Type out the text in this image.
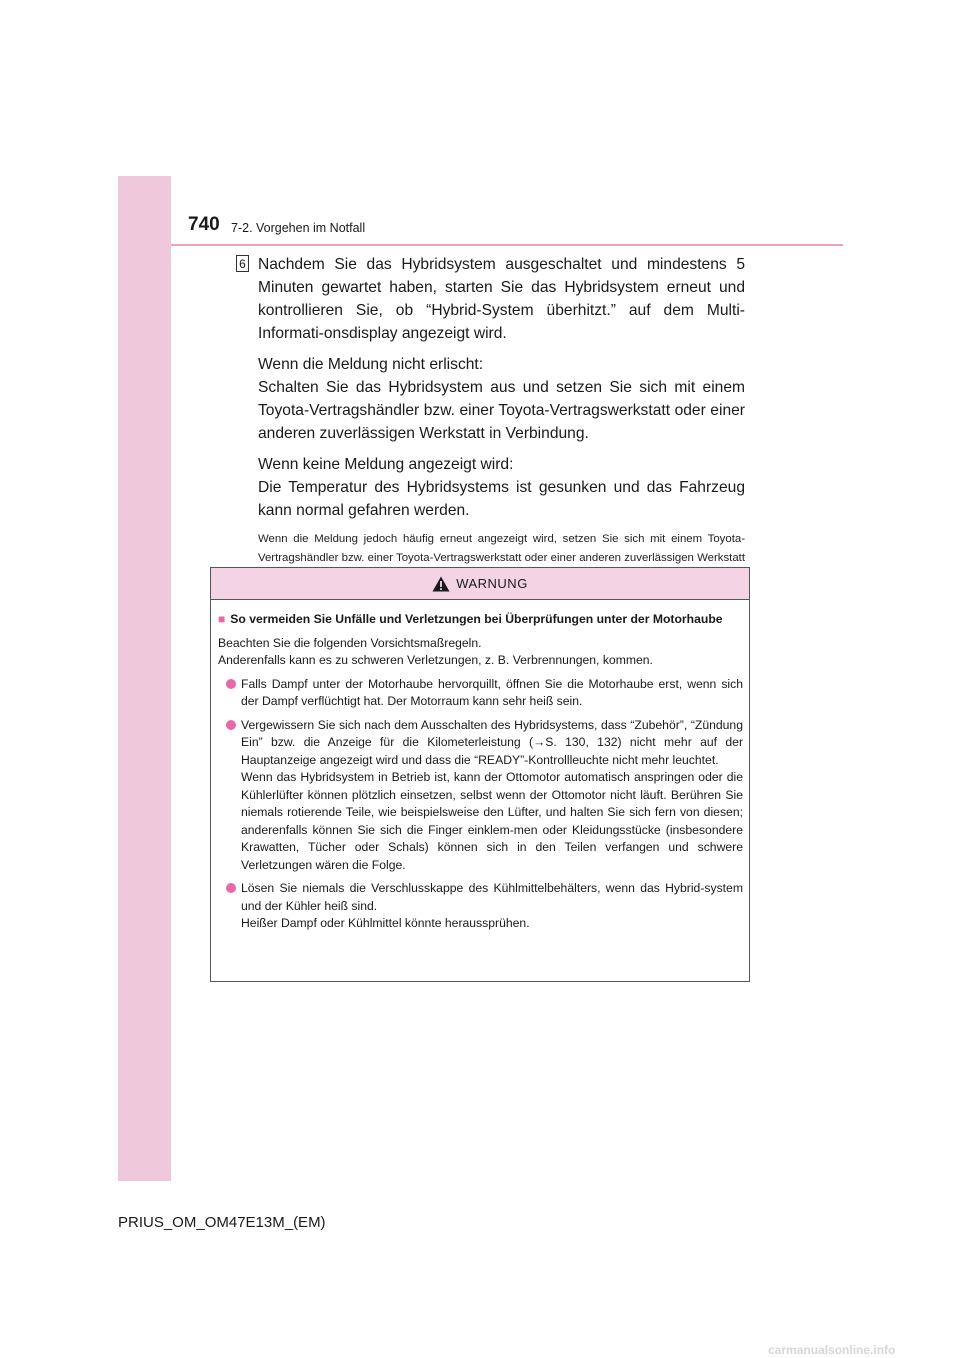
740 7-2. Vorgehen im Notfall
6 Nachdem Sie das Hybridsystem ausgeschaltet und mindestens 5 Minuten gewartet haben, starten Sie das Hybridsystem erneut und kontrollieren Sie, ob “Hybrid-System überhitzt.” auf dem Multi-Informati-onsdisplay angezeigt wird.

Wenn die Meldung nicht erlischt:
Schalten Sie das Hybridsystem aus und setzen Sie sich mit einem Toyota-Vertragshändler bzw. einer Toyota-Vertragswerkstatt oder einer anderen zuverlässigen Werkstatt in Verbindung.

Wenn keine Meldung angezeigt wird:
Die Temperatur des Hybridsystems ist gesunken und das Fahrzeug kann normal gefahren werden.

Wenn die Meldung jedoch häufig erneut angezeigt wird, setzen Sie sich mit einem Toyota-Vertragshändler bzw. einer Toyota-Vertragswerkstatt oder einer anderen zuverlässigen Werkstatt

WARNUNG
■ So vermeiden Sie Unfälle und Verletzungen bei Überprüfungen unter der Motorhaube

Beachten Sie die folgenden Vorsichtsmaßregeln.
Anderenfalls kann es zu schweren Verletzungen, z. B. Verbrennungen, kommen.

Falls Dampf unter der Motorhaube hervorquillt, öffnen Sie die Motorhaube erst, wenn sich der Dampf verflüchtigt hat. Der Motorraum kann sehr heiß sein.
Vergewissern Sie sich nach dem Ausschalten des Hybridsystems, dass “Zubehör”, “Zündung Ein” bzw. die Anzeige für die Kilometerleistung (→S. 130, 132) nicht mehr auf der Hauptanzeige angezeigt wird und dass die “READY”-Kontrollleuchte nicht mehr leuchtet.
Wenn das Hybridsystem in Betrieb ist, kann der Ottomotor automatisch anspringen oder die Kühlerlüfter können plötzlich einsetzen, selbst wenn der Ottomotor nicht läuft. Berühren Sie niemals rotierende Teile, wie beispielsweise den Lüfter, und halten Sie sich fern von diesen; anderenfalls können Sie sich die Finger einklem-men oder Kleidungsstücke (insbesondere Krawatten, Tücher oder Schals) können sich in den Teilen verfangen und schwere Verletzungen wären die Folge.
Lösen Sie niemals die Verschlusskappe des Kühlmittelbehälters, wenn das Hybrid-system und der Kühler heiß sind.
Heißer Dampf oder Kühlmittel könnte heraussprühen.
PRIUS_OM_OM47E13M_(EM)
carmanualsonline.info
